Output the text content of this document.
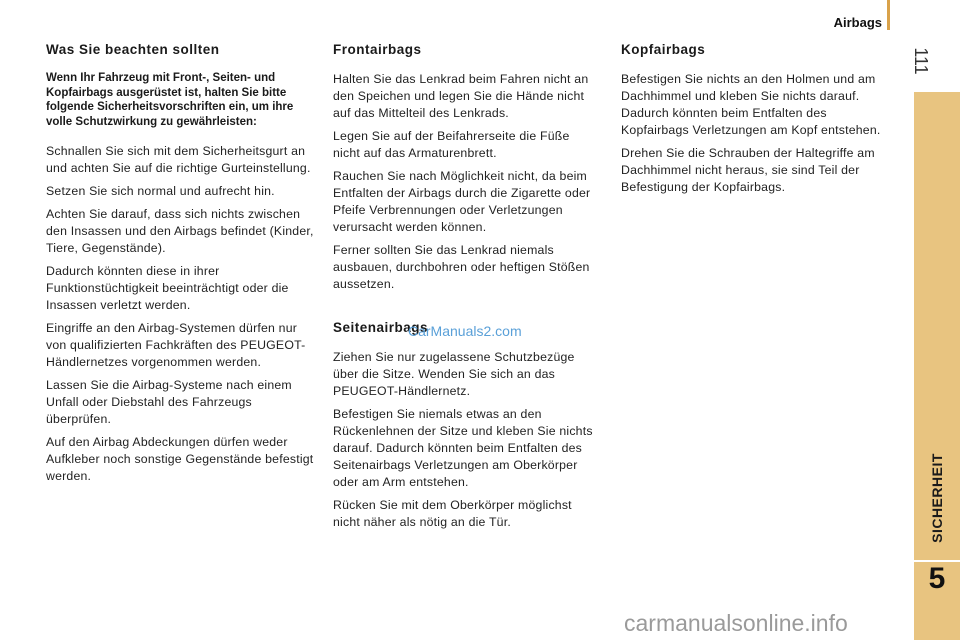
Airbags
111
SICHERHEIT
5
Was Sie beachten sollten
Wenn Ihr Fahrzeug mit Front-, Seiten- und Kopfairbags ausgerüstet ist, halten Sie bitte folgende Sicherheitsvorschriften ein, um ihre volle Schutzwirkung zu gewährleisten:

Schnallen Sie sich mit dem Sicherheitsgurt an und achten Sie auf die richtige Gurteinstellung.

Setzen Sie sich normal und aufrecht hin.

Achten Sie darauf, dass sich nichts zwischen den Insassen und den Airbags befindet (Kinder, Tiere, Gegenstände).

Dadurch könnten diese in ihrer Funktionstüchtigkeit beeinträchtigt oder die Insassen verletzt werden.

Eingriffe an den Airbag-Systemen dürfen nur von qualifizierten Fachkräften des PEUGEOT-Händlernetzes vorgenommen werden.

Lassen Sie die Airbag-Systeme nach einem Unfall oder Diebstahl des Fahrzeugs überprüfen.

Auf den Airbag Abdeckungen dürfen weder Aufkleber noch sonstige Gegenstände befestigt werden.

Frontairbags

Halten Sie das Lenkrad beim Fahren nicht an den Speichen und legen Sie die Hände nicht auf das Mittelteil des Lenkrads.

Legen Sie auf der Beifahrerseite die Füße nicht auf das Armaturenbrett.

Rauchen Sie nach Möglichkeit nicht, da beim Entfalten der Airbags durch die Zigarette oder Pfeife Verbrennungen oder Verletzungen verursacht werden können.

Ferner sollten Sie das Lenkrad niemals ausbauen, durchbohren oder heftigen Stößen aussetzen.

Seitenairbags

Ziehen Sie nur zugelassene Schutzbezüge über die Sitze. Wenden Sie sich an das PEUGEOT-Händlernetz.

Befestigen Sie niemals etwas an den Rückenlehnen der Sitze und kleben Sie nichts darauf. Dadurch könnten beim Entfalten des Seitenairbags Verletzungen am Oberkörper oder am Arm entstehen.

Rücken Sie mit dem Oberkörper möglichst nicht näher als nötig an die Tür.

Kopfairbags

Befestigen Sie nichts an den Holmen und am Dachhimmel und kleben Sie nichts darauf. Dadurch könnten beim Entfalten des Kopfairbags Verletzungen am Kopf entstehen.

Drehen Sie die Schrauben der Haltegriffe am Dachhimmel nicht heraus, sie sind Teil der Befestigung der Kopfairbags.

CarManuals2.com
carmanualsonline.info
